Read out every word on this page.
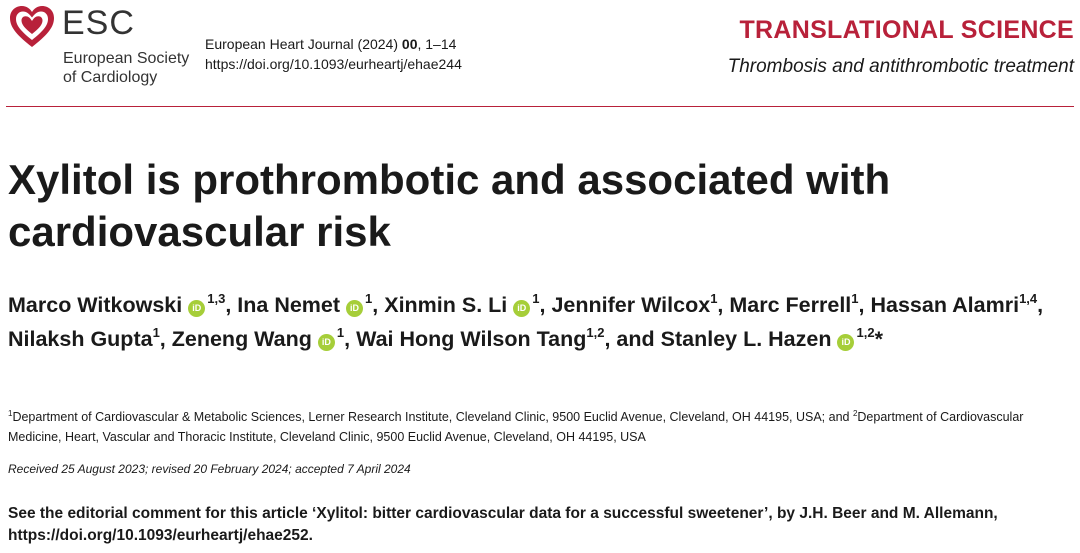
ESC
European Society
of Cardiology
European Heart Journal (2024) 00, 1–14
https://doi.org/10.1093/eurheartj/ehae244
TRANSLATIONAL SCIENCE
Thrombosis and antithrombotic treatment
Xylitol is prothrombotic and associated with cardiovascular risk
Marco Witkowski iD$^{1,3}$, Ina Nemet $iD^1$, Xinmin S. Li $iD^1$, Jennifer Wilcox$^1$, Marc Ferrell$^1$, Hassan Alamri$^{1,4}$, Nilaksh Gupta$^1$, Zeneng Wang $iD^1$, Wai Hong Wilson Tang$^{1,2}$, and Stanley L. Hazen iD$^{1,2}$*
$^1$Department of Cardiovascular & Metabolic Sciences, Lerner Research Institute, Cleveland Clinic, 9500 Euclid Avenue, Cleveland, OH 44195, USA; and $^2$Department of Cardiovascular Medicine, Heart, Vascular and Thoracic Institute, Cleveland Clinic, 9500 Euclid Avenue, Cleveland, OH 44195, USA
Received 25 August 2023; revised 20 February 2024; accepted 7 April 2024
See the editorial comment for this article ‘Xylitol: bitter cardiovascular data for a successful sweetener’, by J.H. Beer and M. Allemann, https://doi.org/10.1093/eurheartj/ehae252.
